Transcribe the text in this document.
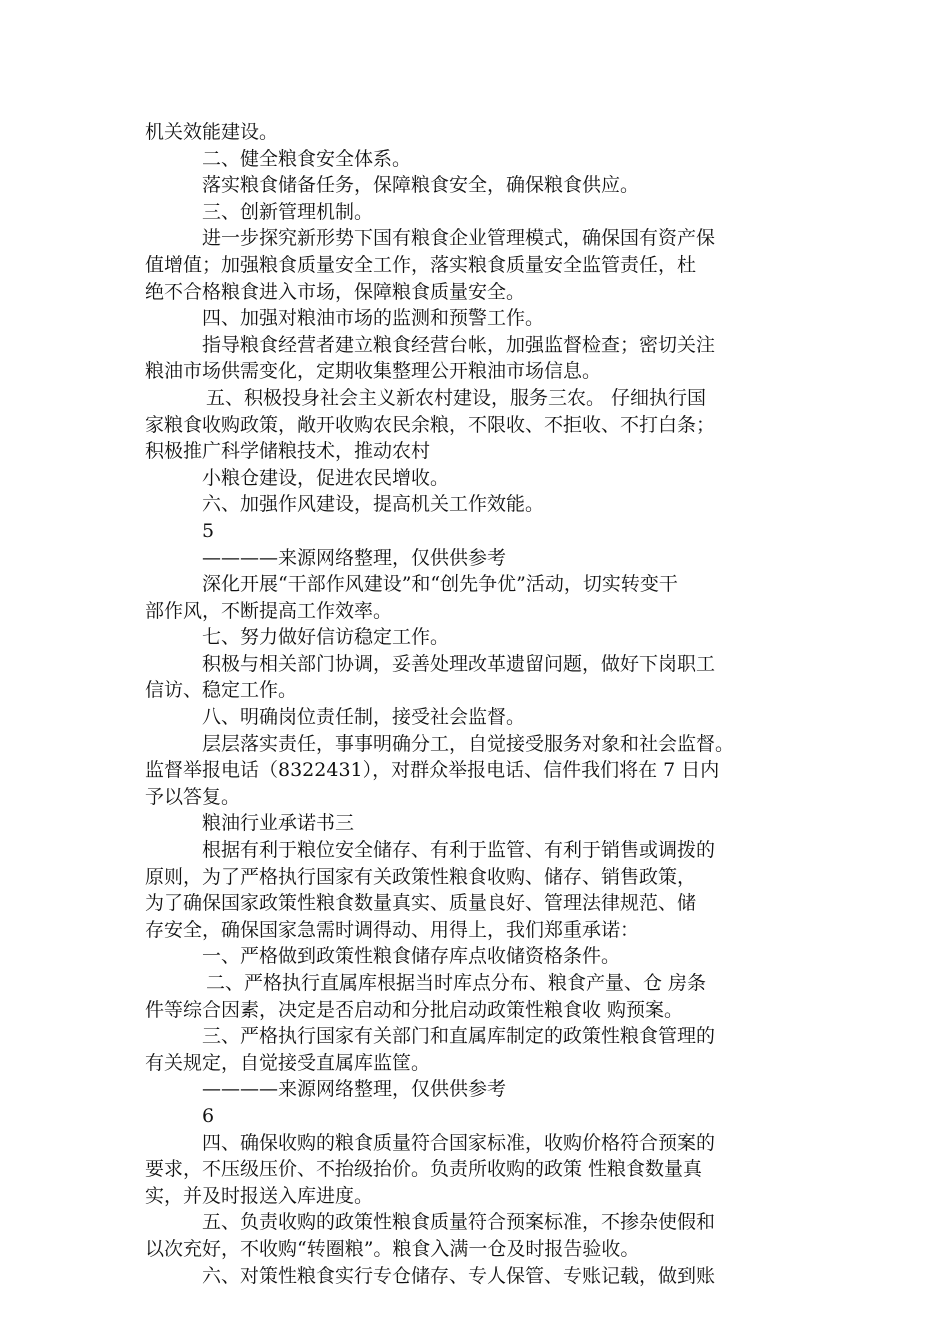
机关效能建设。
二、健全粮食安全体系。
落实粮食储备任务，保障粮食安全，确保粮食供应。
三、创新管理机制。
进一步探究新形势下国有粮食企业管理模式，确保国有资产保
值增值；加强粮食质量安全工作，落实粮食质量安全监管责任，杜
绝不合格粮食进入市场，保障粮食质量安全。
四、加强对粮油市场的监测和预警工作。
指导粮食经营者建立粮食经营台帐，加强监督检查；密切关注
粮油市场供需变化，定期收集整理公开粮油市场信息。
五、积极投身社会主义新农村建设，服务三农。 仔细执行国
家粮食收购政策，敞开收购农民余粮，不限收、不拒收、不打白条；
积极推广科学储粮技术，推动农村
小粮仓建设，促进农民增收。
六、加强作风建设，提高机关工作效能。
5
————来源网络整理，仅供供参考
深化开展“干部作风建设”和“创先争优”活动，切实转变干
部作风，不断提高工作效率。
七、努力做好信访稳定工作。
积极与相关部门协调，妥善处理改革遗留问题，做好下岗职工
信访、稳定工作。
八、明确岗位责任制，接受社会监督。
层层落实责任，事事明确分工，自觉接受服务对象和社会监督。
监督举报电话（8322431），对群众举报电话、信件我们将在 7 日内
予以答复。
粮油行业承诺书三
根据有利于粮位安全储存、有利于监管、有利于销售或调拨的
原则，为了严格执行国家有关政策性粮食收购、储存、销售政策，
为了确保国家政策性粮食数量真实、质量良好、管理法律规范、储
存安全，确保国家急需时调得动、用得上，我们郑重承诺：
一、严格做到政策性粮食储存库点收储资格条件。
二、严格执行直属库根据当时库点分布、粮食产量、仓 房条
件等综合因素，决定是否启动和分批启动政策性粮食收 购预案。
三、严格执行国家有关部门和直属库制定的政策性粮食管理的
有关规定，自觉接受直属库监筐。
————来源网络整理，仅供供参考
6
四、确保收购的粮食质量符合国家标准，收购价格符合预案的
要求，不压级压价、不抬级抬价。负责所收购的政策 性粮食数量真
实，并及时报送入库进度。
五、负责收购的政策性粮食质量符合预案标准，不掺杂使假和
以次充好，不收购“转圈粮”。粮食入满一仓及时报告验收。
六、对策性粮食实行专仓储存、专人保管、专账记载，做到账
